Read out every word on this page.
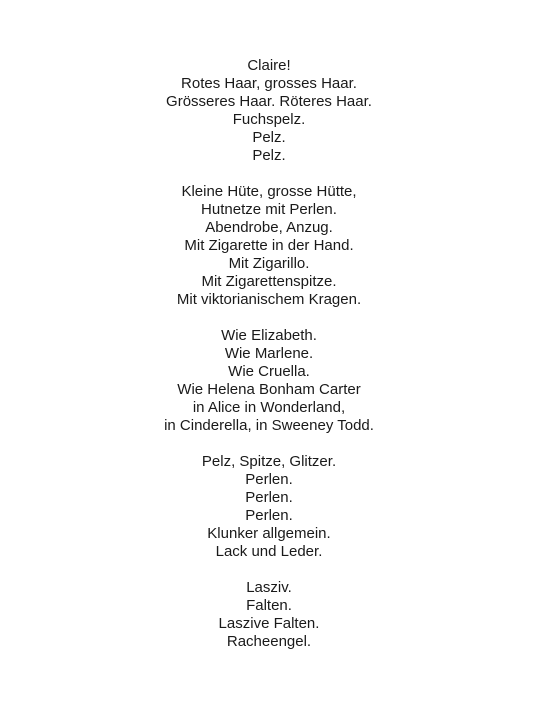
Claire!
Rotes Haar, grosses Haar.
Grösseres Haar. Röteres Haar.
Fuchspelz.
Pelz.
Pelz.
Kleine Hüte, grosse Hütte,
Hutnetze mit Perlen.
Abendrobe, Anzug.
Mit Zigarette in der Hand.
Mit Zigarillo.
Mit Zigarettenspitze.
Mit viktorianischem Kragen.
Wie Elizabeth.
Wie Marlene.
Wie Cruella.
Wie Helena Bonham Carter
in Alice in Wonderland,
in Cinderella, in Sweeney Todd.
Pelz, Spitze, Glitzer.
Perlen.
Perlen.
Perlen.
Klunker allgemein.
Lack und Leder.
Lasziv.
Falten.
Laszive Falten.
Racheengel.
